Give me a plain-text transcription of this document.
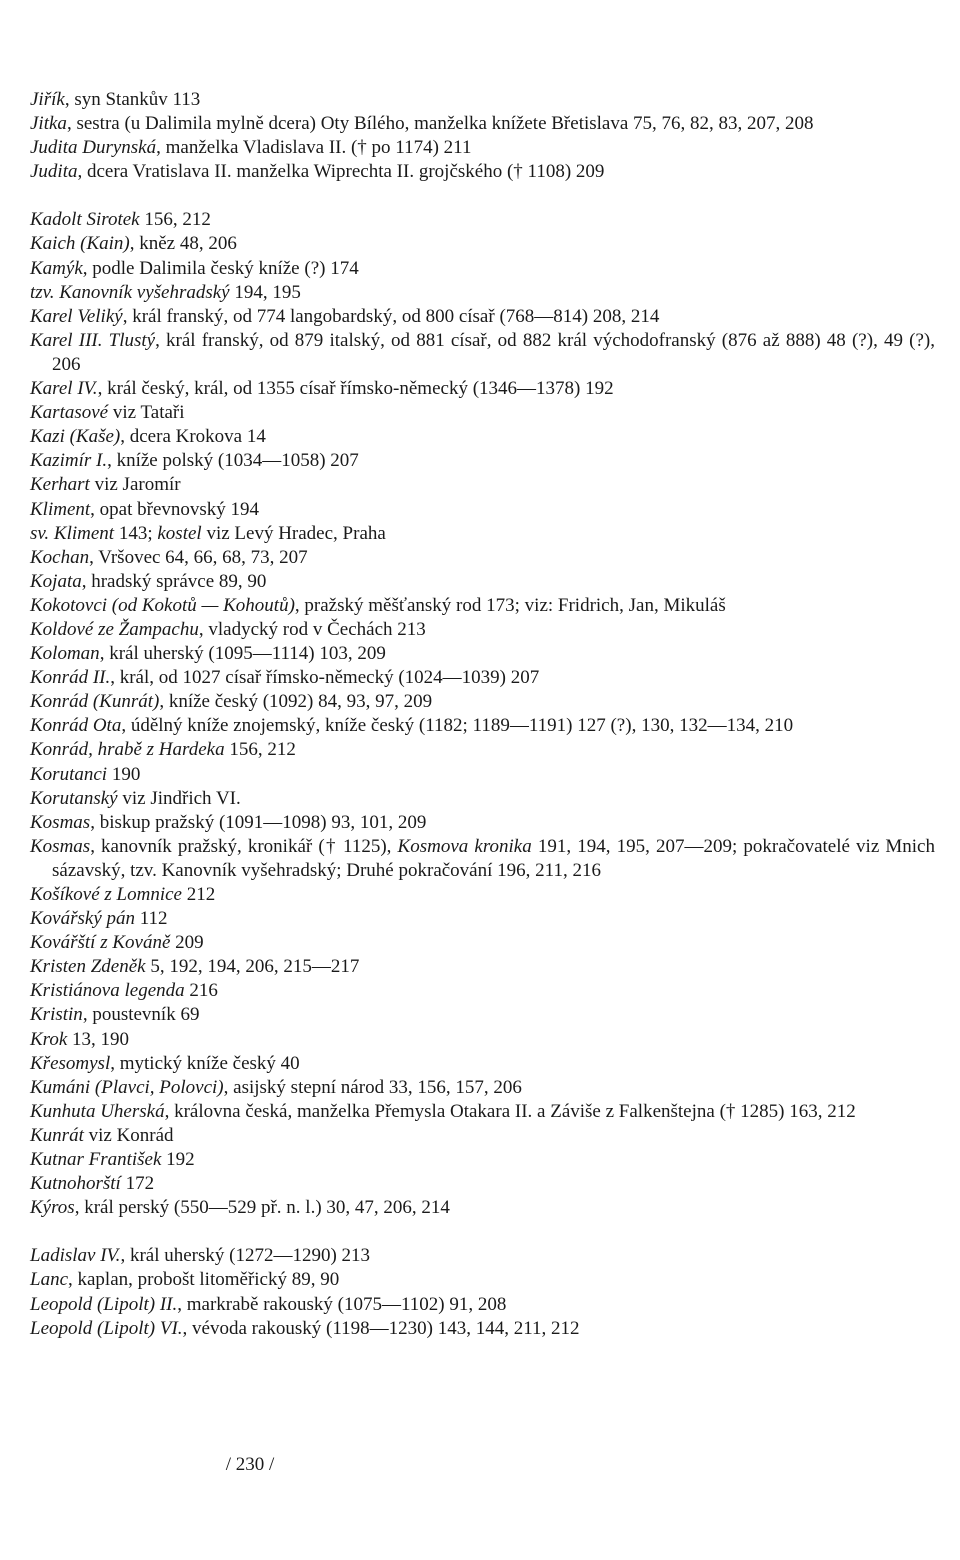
Jiřík, syn Stankův 113
Jitka, sestra (u Dalimila mylně dcera) Oty Bílého, manželka knížete Břetislava 75, 76, 82, 83, 207, 208
Judita Durynská, manželka Vladislava II. († po 1174) 211
Judita, dcera Vratislava II. manželka Wiprechta II. grojčského († 1108) 209
Kadolt Sirotek 156, 212
Kaich (Kain), kněz 48, 206
Kamýk, podle Dalimila český kníže (?) 174
tzv. Kanovník vyšehradský 194, 195
Karel Veliký, král franský, od 774 langobardský, od 800 císař (768—814) 208, 214
Karel III. Tlustý, král franský, od 879 italský, od 881 císař, od 882 král východofranský (876 až 888) 48 (?), 49 (?), 206
Karel IV., král český, král, od 1355 císař římsko-německý (1346—1378) 192
Kartasové viz Tataři
Kazi (Kaše), dcera Krokova 14
Kazimír I., kníže polský (1034—1058) 207
Kerhart viz Jaromír
Kliment, opat břevnovský 194
sv. Kliment 143; kostel viz Levý Hradec, Praha
Kochan, Vršovec 64, 66, 68, 73, 207
Kojata, hradský správce 89, 90
Kokotovci (od Kokotů — Kohoutů), pražský měšťanský rod 173; viz: Fridrich, Jan, Mikuláš
Koldové ze Žampachu, vladycký rod v Čechách 213
Koloman, král uherský (1095—1114) 103, 209
Konrád II., král, od 1027 císař římsko-německý (1024—1039) 207
Konrád (Kunrát), kníže český (1092) 84, 93, 97, 209
Konrád Ota, údělný kníže znojemský, kníže český (1182; 1189—1191) 127 (?), 130, 132—134, 210
Konrád, hrabě z Hardeka 156, 212
Korutanci 190
Korutanský viz Jindřich VI.
Kosmas, biskup pražský (1091—1098) 93, 101, 209
Kosmas, kanovník pražský, kronikář († 1125), Kosmova kronika 191, 194, 195, 207—209; pokračovatelé viz Mnich sázavský, tzv. Kanovník vyšehradský; Druhé pokračování 196, 211, 216
Košíkové z Lomnice 212
Kovářský pán 112
Kovářští z Kováně 209
Kristen Zdeněk 5, 192, 194, 206, 215—217
Kristiánova legenda 216
Kristin, poustevník 69
Krok 13, 190
Křesomysl, mytický kníže český 40
Kumáni (Plavci, Polovci), asijský stepní národ 33, 156, 157, 206
Kunhuta Uherská, královna česká, manželka Přemysla Otakara II. a Záviše z Falkenštejna († 1285) 163, 212
Kunrát viz Konrád
Kutnar František 192
Kutnohorští 172
Kýros, král perský (550—529 př. n. l.) 30, 47, 206, 214
Ladislav IV., král uherský (1272—1290) 213
Lanc, kaplan, probošt litoměřický 89, 90
Leopold (Lipolt) II., markrabě rakouský (1075—1102) 91, 208
Leopold (Lipolt) VI., vévoda rakouský (1198—1230) 143, 144, 211, 212
/ 230 /
